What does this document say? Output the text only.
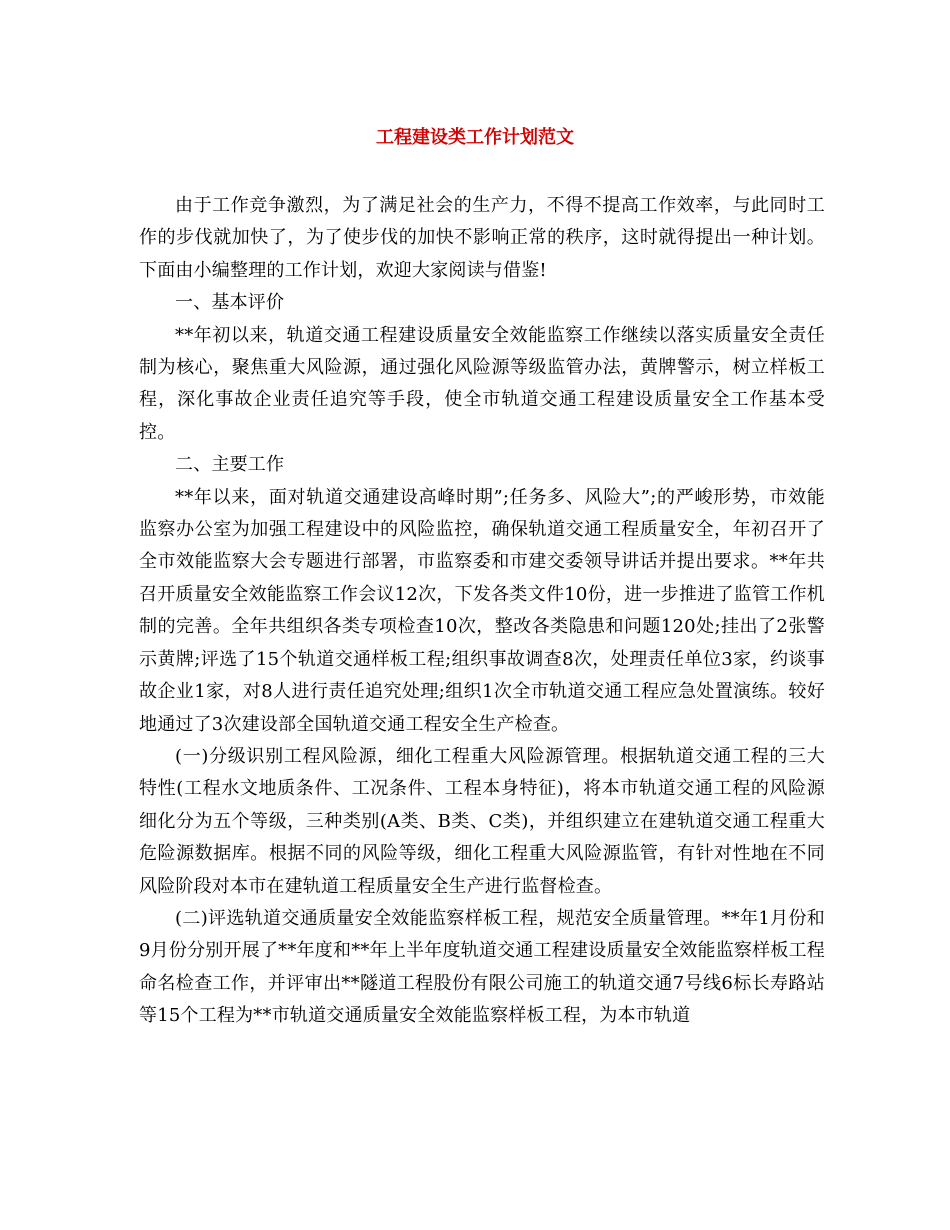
工程建设类工作计划范文

由于工作竞争激烈，为了满足社会的生产力，不得不提高工作效率，与此同时工作的步伐就加快了，为了使步伐的加快不影响正常的秩序，这时就得提出一种计划。下面由小编整理的工作计划，欢迎大家阅读与借鉴!

一、基本评价

**年初以来，轨道交通工程建设质量安全效能监察工作继续以落实质量安全责任制为核心，聚焦重大风险源，通过强化风险源等级监管办法，黄牌警示，树立样板工程，深化事故企业责任追究等手段，使全市轨道交通工程建设质量安全工作基本受控。

二、主要工作

**年以来，面对轨道交通建设高峰时期”;任务多、风险大”;的严峻形势，市效能监察办公室为加强工程建设中的风险监控，确保轨道交通工程质量安全，年初召开了全市效能监察大会专题进行部署，市监察委和市建交委领导讲话并提出要求。**年共召开质量安全效能监察工作会议12次，下发各类文件10份，进一步推进了监管工作机制的完善。全年共组织各类专项检查10次，整改各类隐患和问题120处;挂出了2张警示黄牌;评选了15个轨道交通样板工程;组织事故调查8次，处理责任单位3家，约谈事故企业1家，对8人进行责任追究处理;组织1次全市轨道交通工程应急处置演练。较好地通过了3次建设部全国轨道交通工程安全生产检查。

(一)分级识别工程风险源，细化工程重大风险源管理。根据轨道交通工程的三大特性(工程水文地质条件、工况条件、工程本身特征)，将本市轨道交通工程的风险源细化分为五个等级，三种类别(A类、B类、C类)，并组织建立在建轨道交通工程重大危险源数据库。根据不同的风险等级，细化工程重大风险源监管，有针对性地在不同风险阶段对本市在建轨道工程质量安全生产进行监督检查。

(二)评选轨道交通质量安全效能监察样板工程，规范安全质量管理。**年1月份和9月份分别开展了**年度和**年上半年度轨道交通工程建设质量安全效能监察样板工程命名检查工作，并评审出**隧道工程股份有限公司施工的轨道交通7号线6标长寿路站等15个工程为**市轨道交通质量安全效能监察样板工程，为本市轨道
